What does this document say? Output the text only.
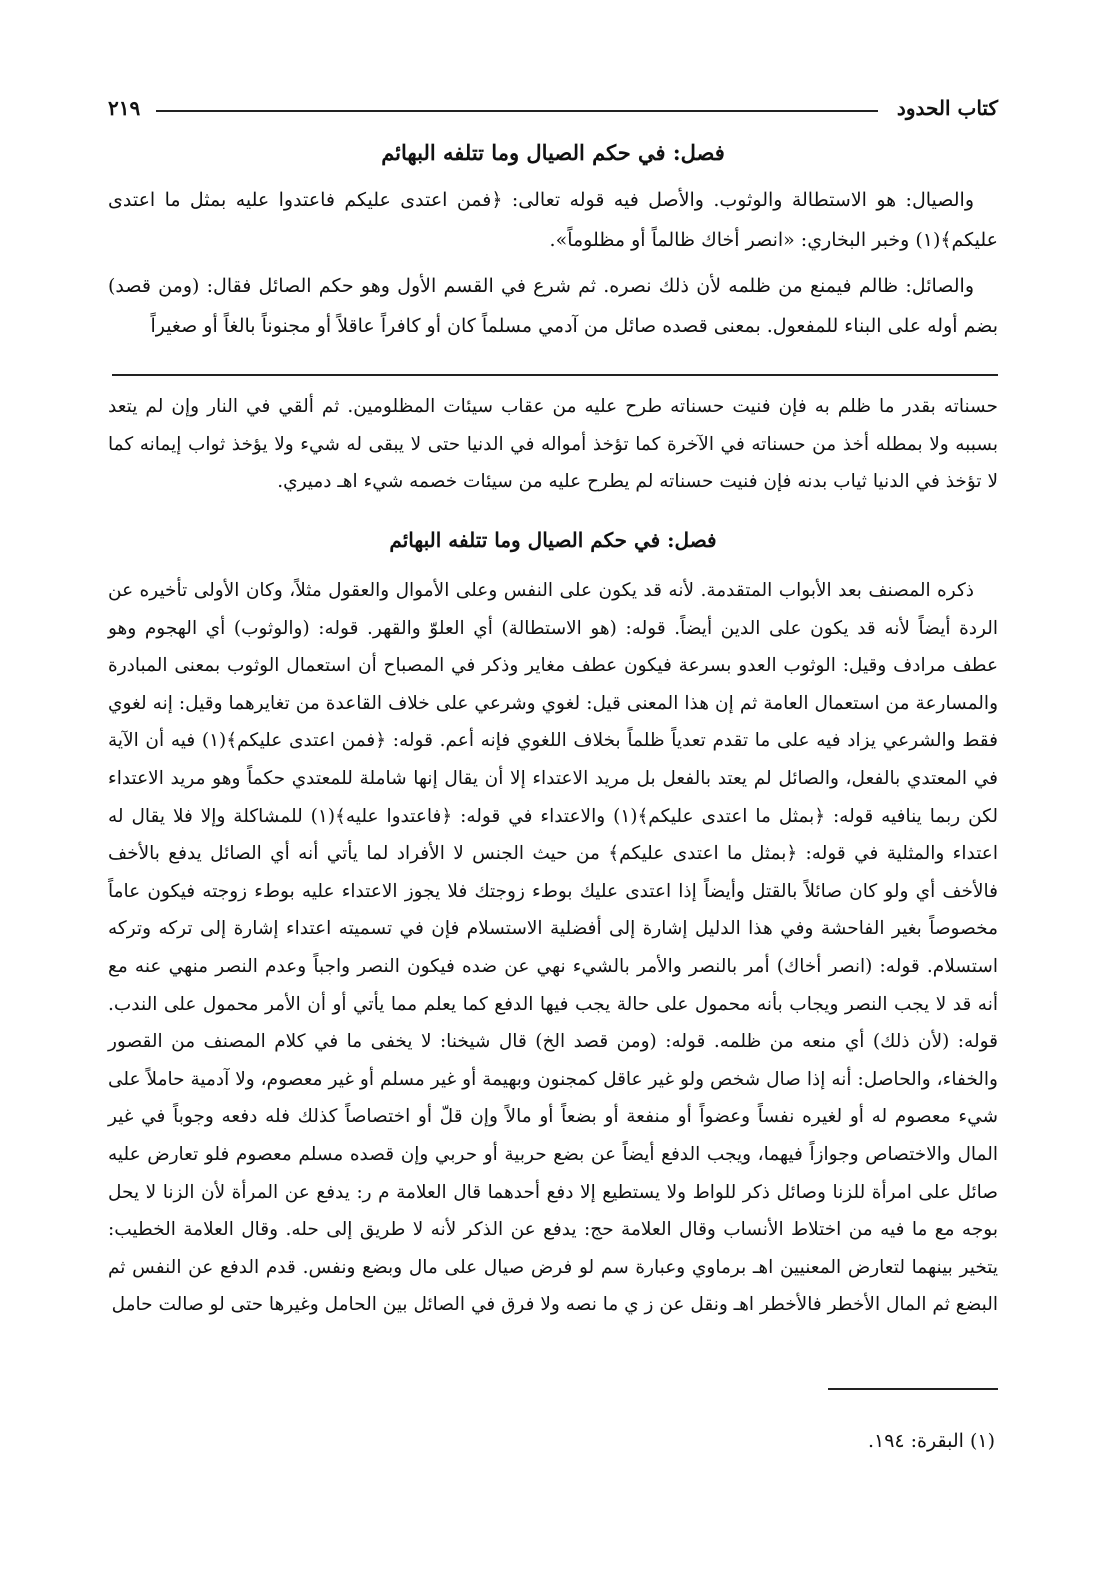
٢١٩	كتاب الحدود
فصل: في حكم الصيال وما تتلفه البهائم

والصيال: هو الاستطالة والوثوب. والأصل فيه قوله تعالى: ﴿فمن اعتدى عليكم فاعتدوا عليه بمثل ما اعتدى عليكم﴾(١) وخبر البخاري: «انصر أخاك ظالماً أو مظلوماً».

والصائل: ظالم فيمنع من ظلمه لأن ذلك نصره. ثم شرع في القسم الأول وهو حكم الصائل فقال: (ومن قصد) بضم أوله على البناء للمفعول. بمعنى قصده صائل من آدمي مسلماً كان أو كافراً عاقلاً أو مجنوناً بالغاً أو صغيراً

حسناته بقدر ما ظلم به فإن فنيت حسناته طرح عليه من عقاب سيئات المظلومين. ثم ألقي في النار وإن لم يتعد بسببه ولا بمطله أخذ من حسناته في الآخرة كما تؤخذ أمواله في الدنيا حتى لا يبقى له شيء ولا يؤخذ ثواب إيمانه كما لا تؤخذ في الدنيا ثياب بدنه فإن فنيت حسناته لم يطرح عليه من سيئات خصمه شيء اهـ دميري.

فصل: في حكم الصيال وما تتلفه البهائم

ذكره المصنف بعد الأبواب المتقدمة. لأنه قد يكون على النفس وعلى الأموال والعقول مثلاً، وكان الأولى تأخيره عن الردة أيضاً لأنه قد يكون على الدين أيضاً. قوله: (هو الاستطالة) أي العلوّ والقهر. قوله: (والوثوب) أي الهجوم وهو عطف مرادف وقيل: الوثوب العدو بسرعة فيكون عطف مغاير وذكر في المصباح أن استعمال الوثوب بمعنى المبادرة والمسارعة من استعمال العامة ثم إن هذا المعنى قيل: لغوي وشرعي على خلاف القاعدة من تغايرهما وقيل: إنه لغوي فقط والشرعي يزاد فيه على ما تقدم تعدياً ظلماً بخلاف اللغوي فإنه أعم. قوله: ﴿فمن اعتدى عليكم﴾(١) فيه أن الآية في المعتدي بالفعل، والصائل لم يعتد بالفعل بل مريد الاعتداء إلا أن يقال إنها شاملة للمعتدي حكماً وهو مريد الاعتداء لكن ربما ينافيه قوله: ﴿بمثل ما اعتدى عليكم﴾(١) والاعتداء في قوله: ﴿فاعتدوا عليه﴾(١) للمشاكلة وإلا فلا يقال له اعتداء والمثلية في قوله: ﴿بمثل ما اعتدى عليكم﴾ من حيث الجنس لا الأفراد لما يأتي أنه أي الصائل يدفع بالأخف فالأخف أي ولو كان صائلاً بالقتل وأيضاً إذا اعتدى عليك بوطء زوجتك فلا يجوز الاعتداء عليه بوطء زوجته فيكون عاماً مخصوصاً بغير الفاحشة وفي هذا الدليل إشارة إلى أفضلية الاستسلام فإن في تسميته اعتداء إشارة إلى تركه وتركه استسلام. قوله: (انصر أخاك) أمر بالنصر والأمر بالشيء نهي عن ضده فيكون النصر واجباً وعدم النصر منهي عنه مع أنه قد لا يجب النصر ويجاب بأنه محمول على حالة يجب فيها الدفع كما يعلم مما يأتي أو أن الأمر محمول على الندب. قوله: (لأن ذلك) أي منعه من ظلمه. قوله: (ومن قصد الخ) قال شيخنا: لا يخفى ما في كلام المصنف من القصور والخفاء، والحاصل: أنه إذا صال شخص ولو غير عاقل كمجنون وبهيمة أو غير مسلم أو غير معصوم، ولا آدمية حاملاً على شيء معصوم له أو لغيره نفساً وعضواً أو منفعة أو بضعاً أو مالاً وإن قلّ أو اختصاصاً كذلك فله دفعه وجوباً في غير المال والاختصاص وجوازاً فيهما، ويجب الدفع أيضاً عن بضع حربية أو حربي وإن قصده مسلم معصوم فلو تعارض عليه صائل على امرأة للزنا وصائل ذكر للواط ولا يستطيع إلا دفع أحدهما قال العلامة م ر: يدفع عن المرأة لأن الزنا لا يحل بوجه مع ما فيه من اختلاط الأنساب وقال العلامة حج: يدفع عن الذكر لأنه لا طريق إلى حله. وقال العلامة الخطيب: يتخير بينهما لتعارض المعنيين اهـ برماوي وعبارة سم لو فرض صيال على مال وبضع ونفس. قدم الدفع عن النفس ثم البضع ثم المال الأخطر فالأخطر اهـ ونقل عن ز ي ما نصه ولا فرق في الصائل بين الحامل وغيرها حتى لو صالت حامل

(١) البقرة: ١٩٤.
